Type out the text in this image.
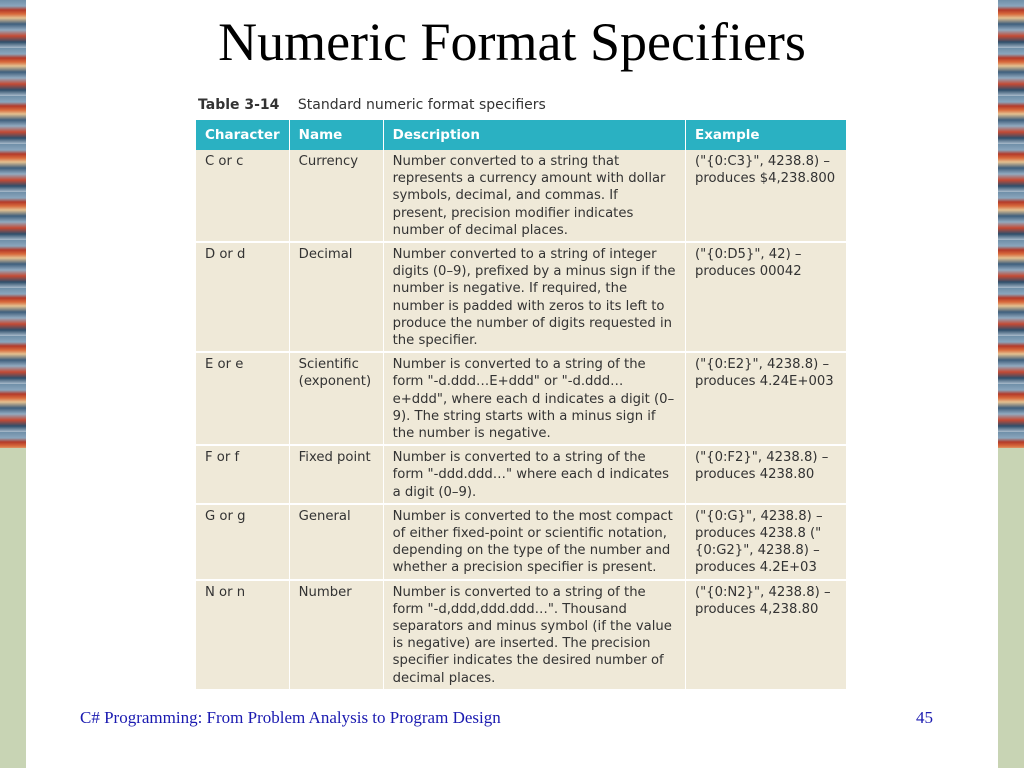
Numeric Format Specifiers
Table 3-14 Standard numeric format specifiers
Character	Name	Description	Example
C or c	Currency	Number converted to a string that represents a currency amount with dollar symbols, decimal, and commas. If present, precision modifier indicates number of decimal places.	("{0:C3}", 4238.8) – produces $4,238.800
D or d	Decimal	Number converted to a string of integer digits (0–9), prefixed by a minus sign if the number is negative. If required, the number is padded with zeros to its left to produce the number of digits requested in the specifier.	("{0:D5}", 42) – produces 00042
E or e	Scientific (exponent)	Number is converted to a string of the form "-d.ddd…E+ddd" or "-d.ddd…e+ddd", where each d indicates a digit (0–9). The string starts with a minus sign if the number is negative.	("{0:E2}", 4238.8) – produces 4.24E+003
F or f	Fixed point	Number is converted to a string of the form "-ddd.ddd…" where each d indicates a digit (0–9).	("{0:F2}", 4238.8) – produces 4238.80
G or g	General	Number is converted to the most compact of either fixed-point or scientific notation, depending on the type of the number and whether a precision specifier is present.	("{0:G}", 4238.8) – produces 4238.8 ("{0:G2}", 4238.8) – produces 4.2E+03
N or n	Number	Number is converted to a string of the form "-d,ddd,ddd.ddd…". Thousand separators and minus symbol (if the value is negative) are inserted. The precision specifier indicates the desired number of decimal places.	("{0:N2}", 4238.8) – produces 4,238.80
C# Programming: From Problem Analysis to Program Design	45
